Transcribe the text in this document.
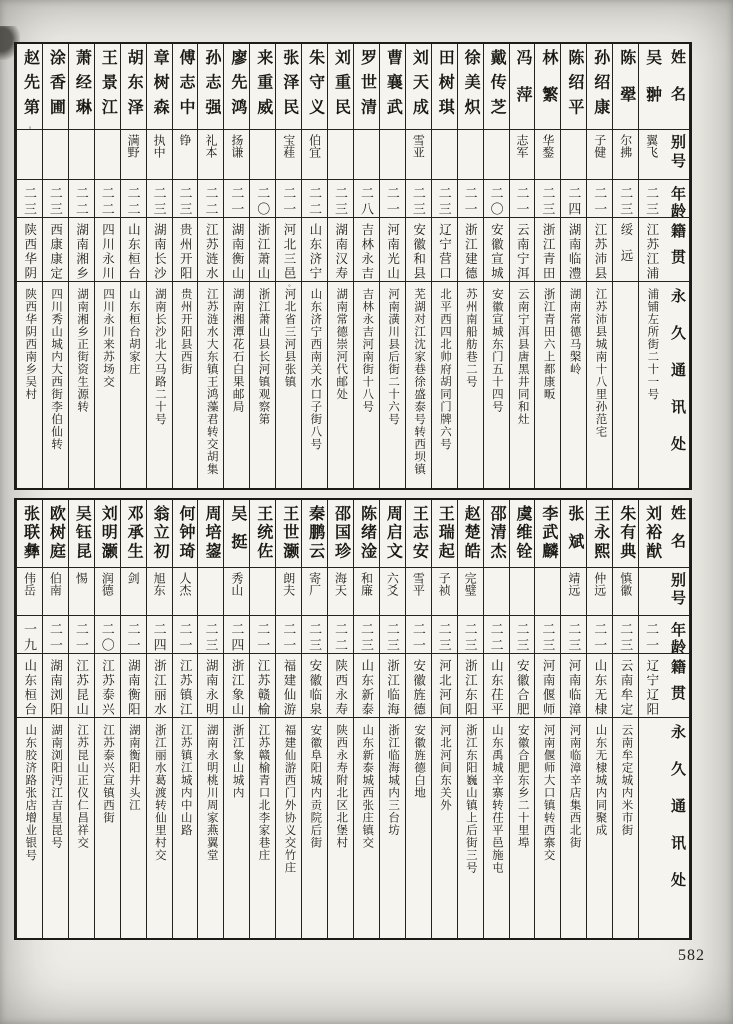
姓名
别号
年龄
籍贯
永久通讯处
吴翀
翼飞
二三
江苏江浦
浦铺左所街二十一号
陈翚
尔拂
二三
绥远
孙绍康
子健
二一
江苏沛县
江苏沛县城南十八里孙范宅
陈绍平
二四
湖南临澧
湖南常德马槃岭
林繁
华鍪
二三
浙江青田
浙江青田六上都康畈
冯萍
志军
二一
云南宁洱
云南宁洱县唐黑井同和灶
戴传芝
二〇
安徽宣城
安徽宣城东门五十四号
徐美炽
二一
浙江建德
苏州南船舫巷二号
田树琪
二三
辽宁营口
北平西四北帅府胡同门牌六号
刘天成
雪亚
二三
安徽和县
芜湖对江沈家巷徐盛泰号转西坝镇
曹襄武
二一
河南光山
河南潢川县后街二十六号
罗世清
二八
吉林永吉
吉林永吉河南街十八号
刘重民
二三
湖南汉寿
湖南常德崇河代邮处
朱守义
伯宜
二二
山东济宁
山东济宁西南关水口子街八号
张泽民
宝蓕
二一
河北三邑◦
河北省三河县张镇
来重威
二〇
浙江萧山
浙江萧山县长河镇观察第
廖先鸿
扬谦
二一
湖南衡山
湖南湘潭花石白果邮局
孙志强
礼本
二二
江苏涟水
江苏涟水大东镇王鸿藻君转交胡集
傅志中
铮
二三
贵州开阳
贵州开阳县西街
章树森
执中
二三
湖南长沙
湖南长沙北大马路二十号
胡东泽
满野
二二
山东桓台
山东桓台胡家庄
王景江
二二
四川永川
四川永川来苏场交
萧经琳
二二
湖南湘乡
湖南湘乡正街资生源转
涂香圃
二三
西康康定
四川秀山城内大西街李伯仙转
赵先第◦
二三
陕西华阴
陕西华阴西南乡吴村
姓名
别号
年龄
籍贯
永久通讯处
刘裕猷
二一
辽宁辽阳
朱有典
慎徽
二三
云南牟定
云南牟定城内米市街
王永熙
仲远
二一
山东无棣
山东无棣城内同聚成
张斌
靖远
二三
河南临漳
河南临漳辛店集西北街
李武麟
二三
河南偃师
河南偃师大口镇转西寨交
虞维铨
二三
安徽合肥
安徽合肥东乡二十里埠
邵清杰
二二
山东茌平
山东禹城辛寨转茌平邑施屯
赵楚皓
完璧
二三
浙江东阳
浙江东阳巍山镇上后街三号
王瑞起
子祯
二三
河北河间
河北河间东关外
王志安
雪平
二一
安徽旌德
安徽旌德白地
周启文
六爻
二三
浙江临海
浙江临海城内三台坊
陈绪淦
和廉
二三
山东新泰
山东新泰城西张庄镇交
邵国珍
海天
二二
陕西永寿
陕西永寿附北区北堡村
秦鹏云
寄厂
二三
安徽临泉
安徽阜阳城内贡院后街
王世灏
朗夫
二一
福建仙游
福建仙游西门外协义交竹庄
王统佐
二一
江苏赣榆
江苏赣榆青口北李家巷庄
吴挺
秀山
二四
浙江象山
浙江象山城内
周培鋆
二三
湖南永明
湖南永明桃川周家燕翼堂
何钟琦
人杰
二一
江苏镇江
江苏镇江城内中山路
翁立初
旭东
二四
浙江丽水
浙江丽水葛渡转仙里村交
邓承生
剑
二一
湖南衡阳
湖南衡阳井头江
刘明灏
润德
二〇
江苏泰兴
江苏泰兴宣镇西街
吴钰昆
惕
二一
江苏昆山
江苏昆山正仪仁昌祥交
欧树庭
伯南
二一
湖南浏阳
湖南浏阳沔江吉星昆号
张联彝
伟岳
一九
山东桓台
山东胶济路张店增业银号
582
